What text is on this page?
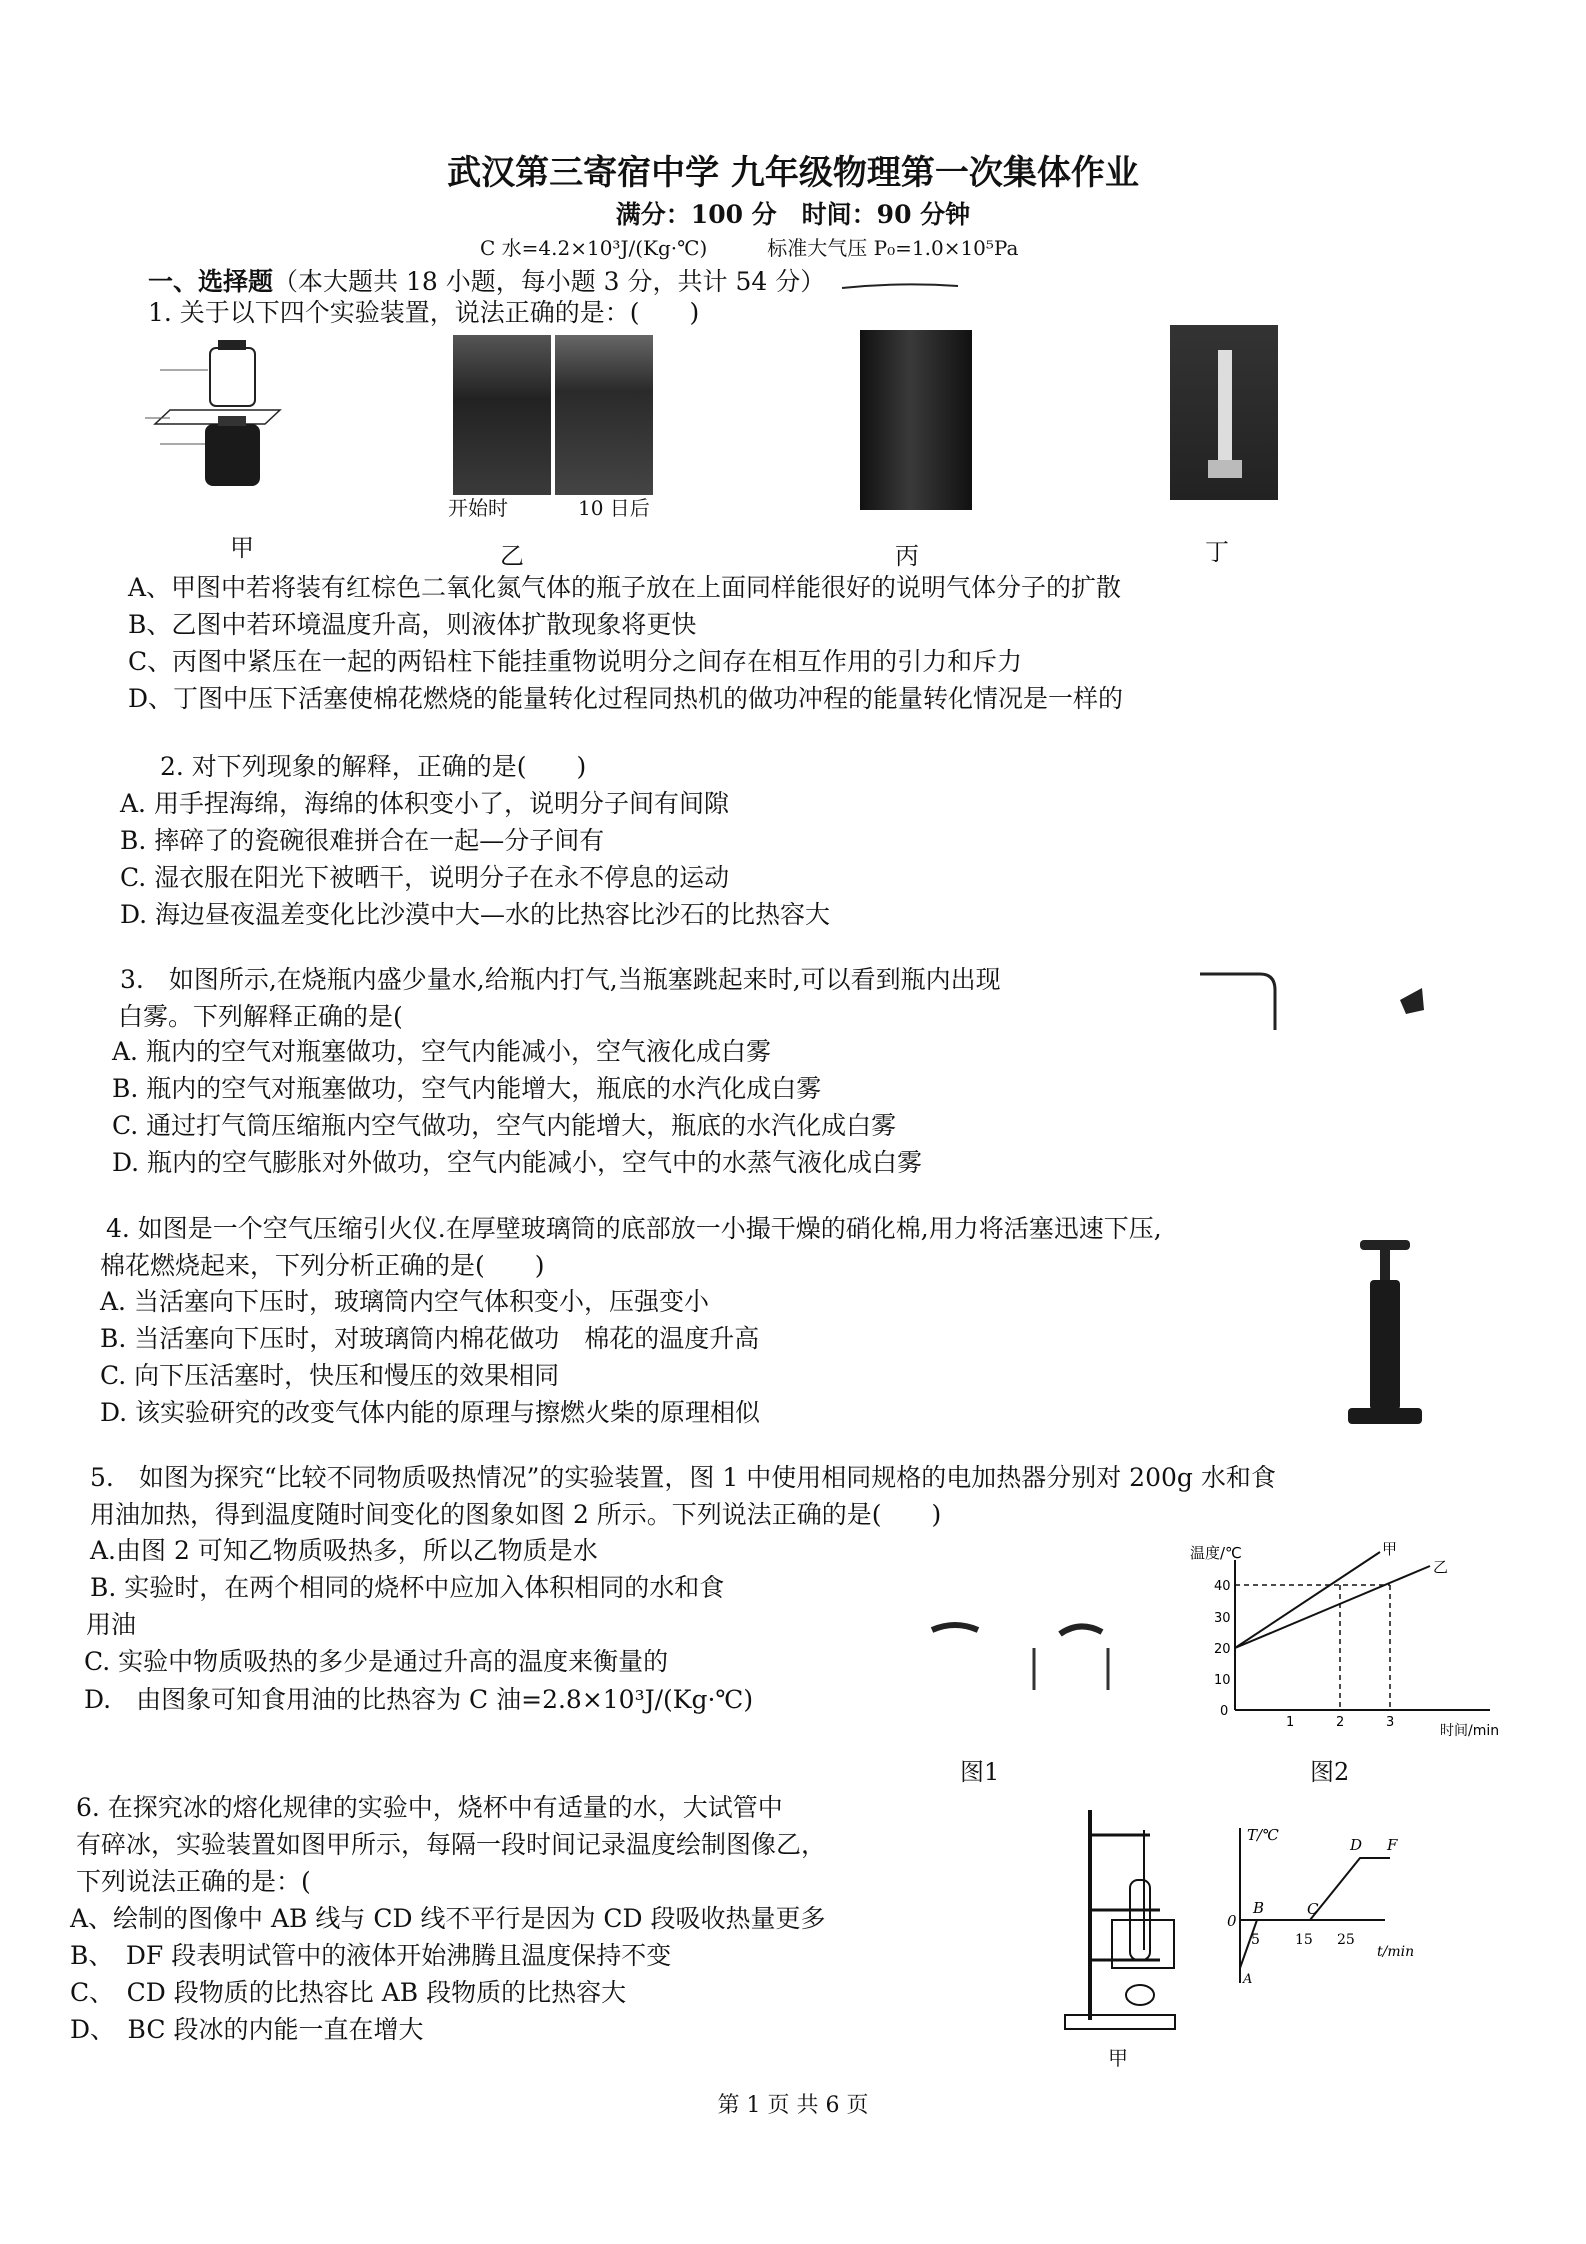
武汉第三寄宿中学 九年级物理第一次集体作业
满分：100 分　时间：90 分钟
C 水=4.2×10³J/(Kg·℃)	标准大气压 P₀=1.0×10⁵Pa
一、选择题（本大题共 18 小题，每小题 3 分，共计 54 分）
1. 关于以下四个实验装置，说法正确的是：(　　)
甲
开始时	10 日后
乙	丙	丁
A、甲图中若将装有红棕色二氧化氮气体的瓶子放在上面同样能很好的说明气体分子的扩散
B、乙图中若环境温度升高，则液体扩散现象将更快
C、丙图中紧压在一起的两铅柱下能挂重物说明分之间存在相互作用的引力和斥力
D、丁图中压下活塞使棉花燃烧的能量转化过程同热机的做功冲程的能量转化情况是一样的
2. 对下列现象的解释，正确的是(　　)
A. 用手捏海绵，海绵的体积变小了，说明分子间有间隙
B. 摔碎了的瓷碗很难拼合在一起—分子间有
C. 湿衣服在阳光下被晒干，说明分子在永不停息的运动
D. 海边昼夜温差变化比沙漠中大—水的比热容比沙石的比热容大
3.　如图所示,在烧瓶内盛少量水,给瓶内打气,当瓶塞跳起来时,可以看到瓶内出现
白雾。下列解释正确的是(
A. 瓶内的空气对瓶塞做功，空气内能减小，空气液化成白雾
B. 瓶内的空气对瓶塞做功，空气内能增大，瓶底的水汽化成白雾
C. 通过打气筒压缩瓶内空气做功，空气内能增大，瓶底的水汽化成白雾
D. 瓶内的空气膨胀对外做功，空气内能减小，空气中的水蒸气液化成白雾
4. 如图是一个空气压缩引火仪.在厚壁玻璃筒的底部放一小撮干燥的硝化棉,用力将活塞迅速下压,
棉花燃烧起来，下列分析正确的是(　　)
A. 当活塞向下压时，玻璃筒内空气体积变小，压强变小
B. 当活塞向下压时，对玻璃筒内棉花做功　棉花的温度升高
C. 向下压活塞时，快压和慢压的效果相同
D. 该实验研究的改变气体内能的原理与擦燃火柴的原理相似
5.　如图为探究“比较不同物质吸热情况”的实验装置，图 1 中使用相同规格的电加热器分别对 200g 水和食
用油加热，得到温度随时间变化的图象如图 2 所示。下列说法正确的是(　　)
A.由图 2 可知乙物质吸热多，所以乙物质是水
B. 实验时，在两个相同的烧杯中应加入体积相同的水和食
用油
C. 实验中物质吸热的多少是通过升高的温度来衡量的
D.　由图象可知食用油的比热容为 C 油=2.8×10³J/(Kg·℃)
图1
温度/℃
时间/min
0
10
20
30
40
1	2	3
甲
乙
图2
6. 在探究冰的熔化规律的实验中，烧杯中有适量的水，大试管中
有碎冰，实验装置如图甲所示，每隔一段时间记录温度绘制图像乙，
下列说法正确的是：(
A、绘制的图像中 AB 线与 CD 线不平行是因为 CD 段吸收热量更多
B、　DF 段表明试管中的液体开始沸腾且温度保持不变
C、　CD 段物质的比热容比 AB 段物质的比热容大
D、　BC 段冰的内能一直在增大
甲
T/℃
t/min
0
5	15 25
A
B	C
D F
第 1 页 共 6 页
